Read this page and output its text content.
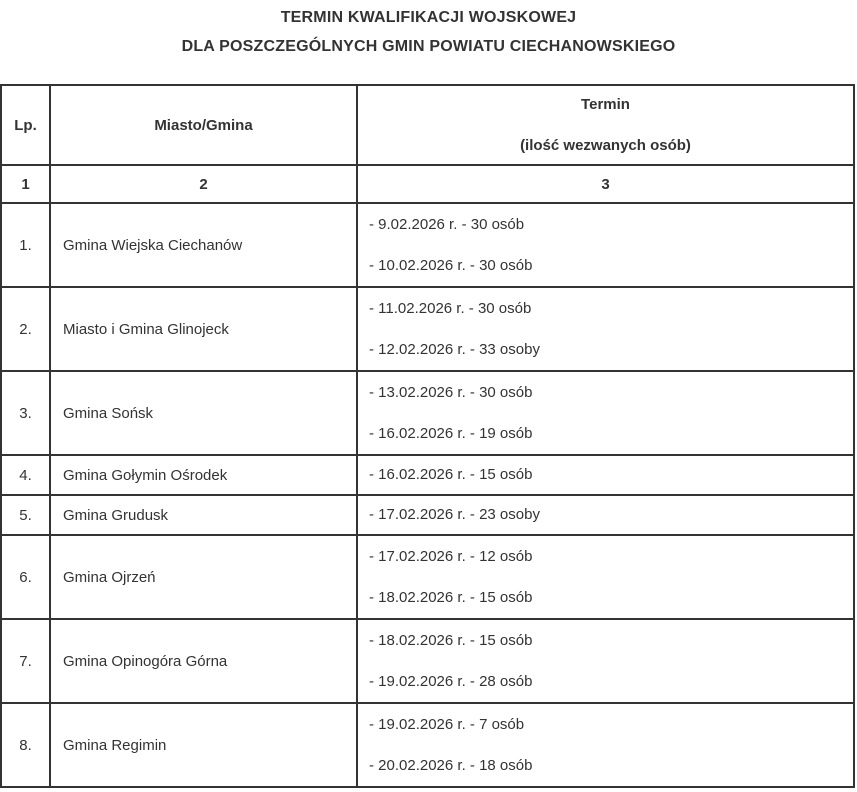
TERMIN KWALIFIKACJI WOJSKOWEJ
DLA POSZCZEGÓLNYCH GMIN POWIATU CIECHANOWSKIEGO
Lp.	Miasto/Gmina	Termin
(ilość wezwanych osób)

1	2	3
1.	Gmina Wiejska Ciechanów	- 9.02.2026 r. - 30 osób
- 10.02.2026 r. - 30 osób

2.	Miasto i Gmina Glinojeck	- 11.02.2026 r. - 30 osób
- 12.02.2026 r. - 33 osoby

3.	Gmina Sońsk	- 13.02.2026 r. - 30 osób
- 16.02.2026 r. - 19 osób

4.	Gmina Gołymin Ośrodek	- 16.02.2026 r. - 15 osób

5.	Gmina Grudusk	- 17.02.2026 r. - 23 osoby

6.	Gmina Ojrzeń	- 17.02.2026 r. - 12 osób
- 18.02.2026 r. - 15 osób

7.	Gmina Opinogóra Górna	- 18.02.2026 r. - 15 osób
- 19.02.2026 r. - 28 osób

8.	Gmina Regimin	- 19.02.2026 r. - 7 osób
- 20.02.2026 r. - 18 osób
